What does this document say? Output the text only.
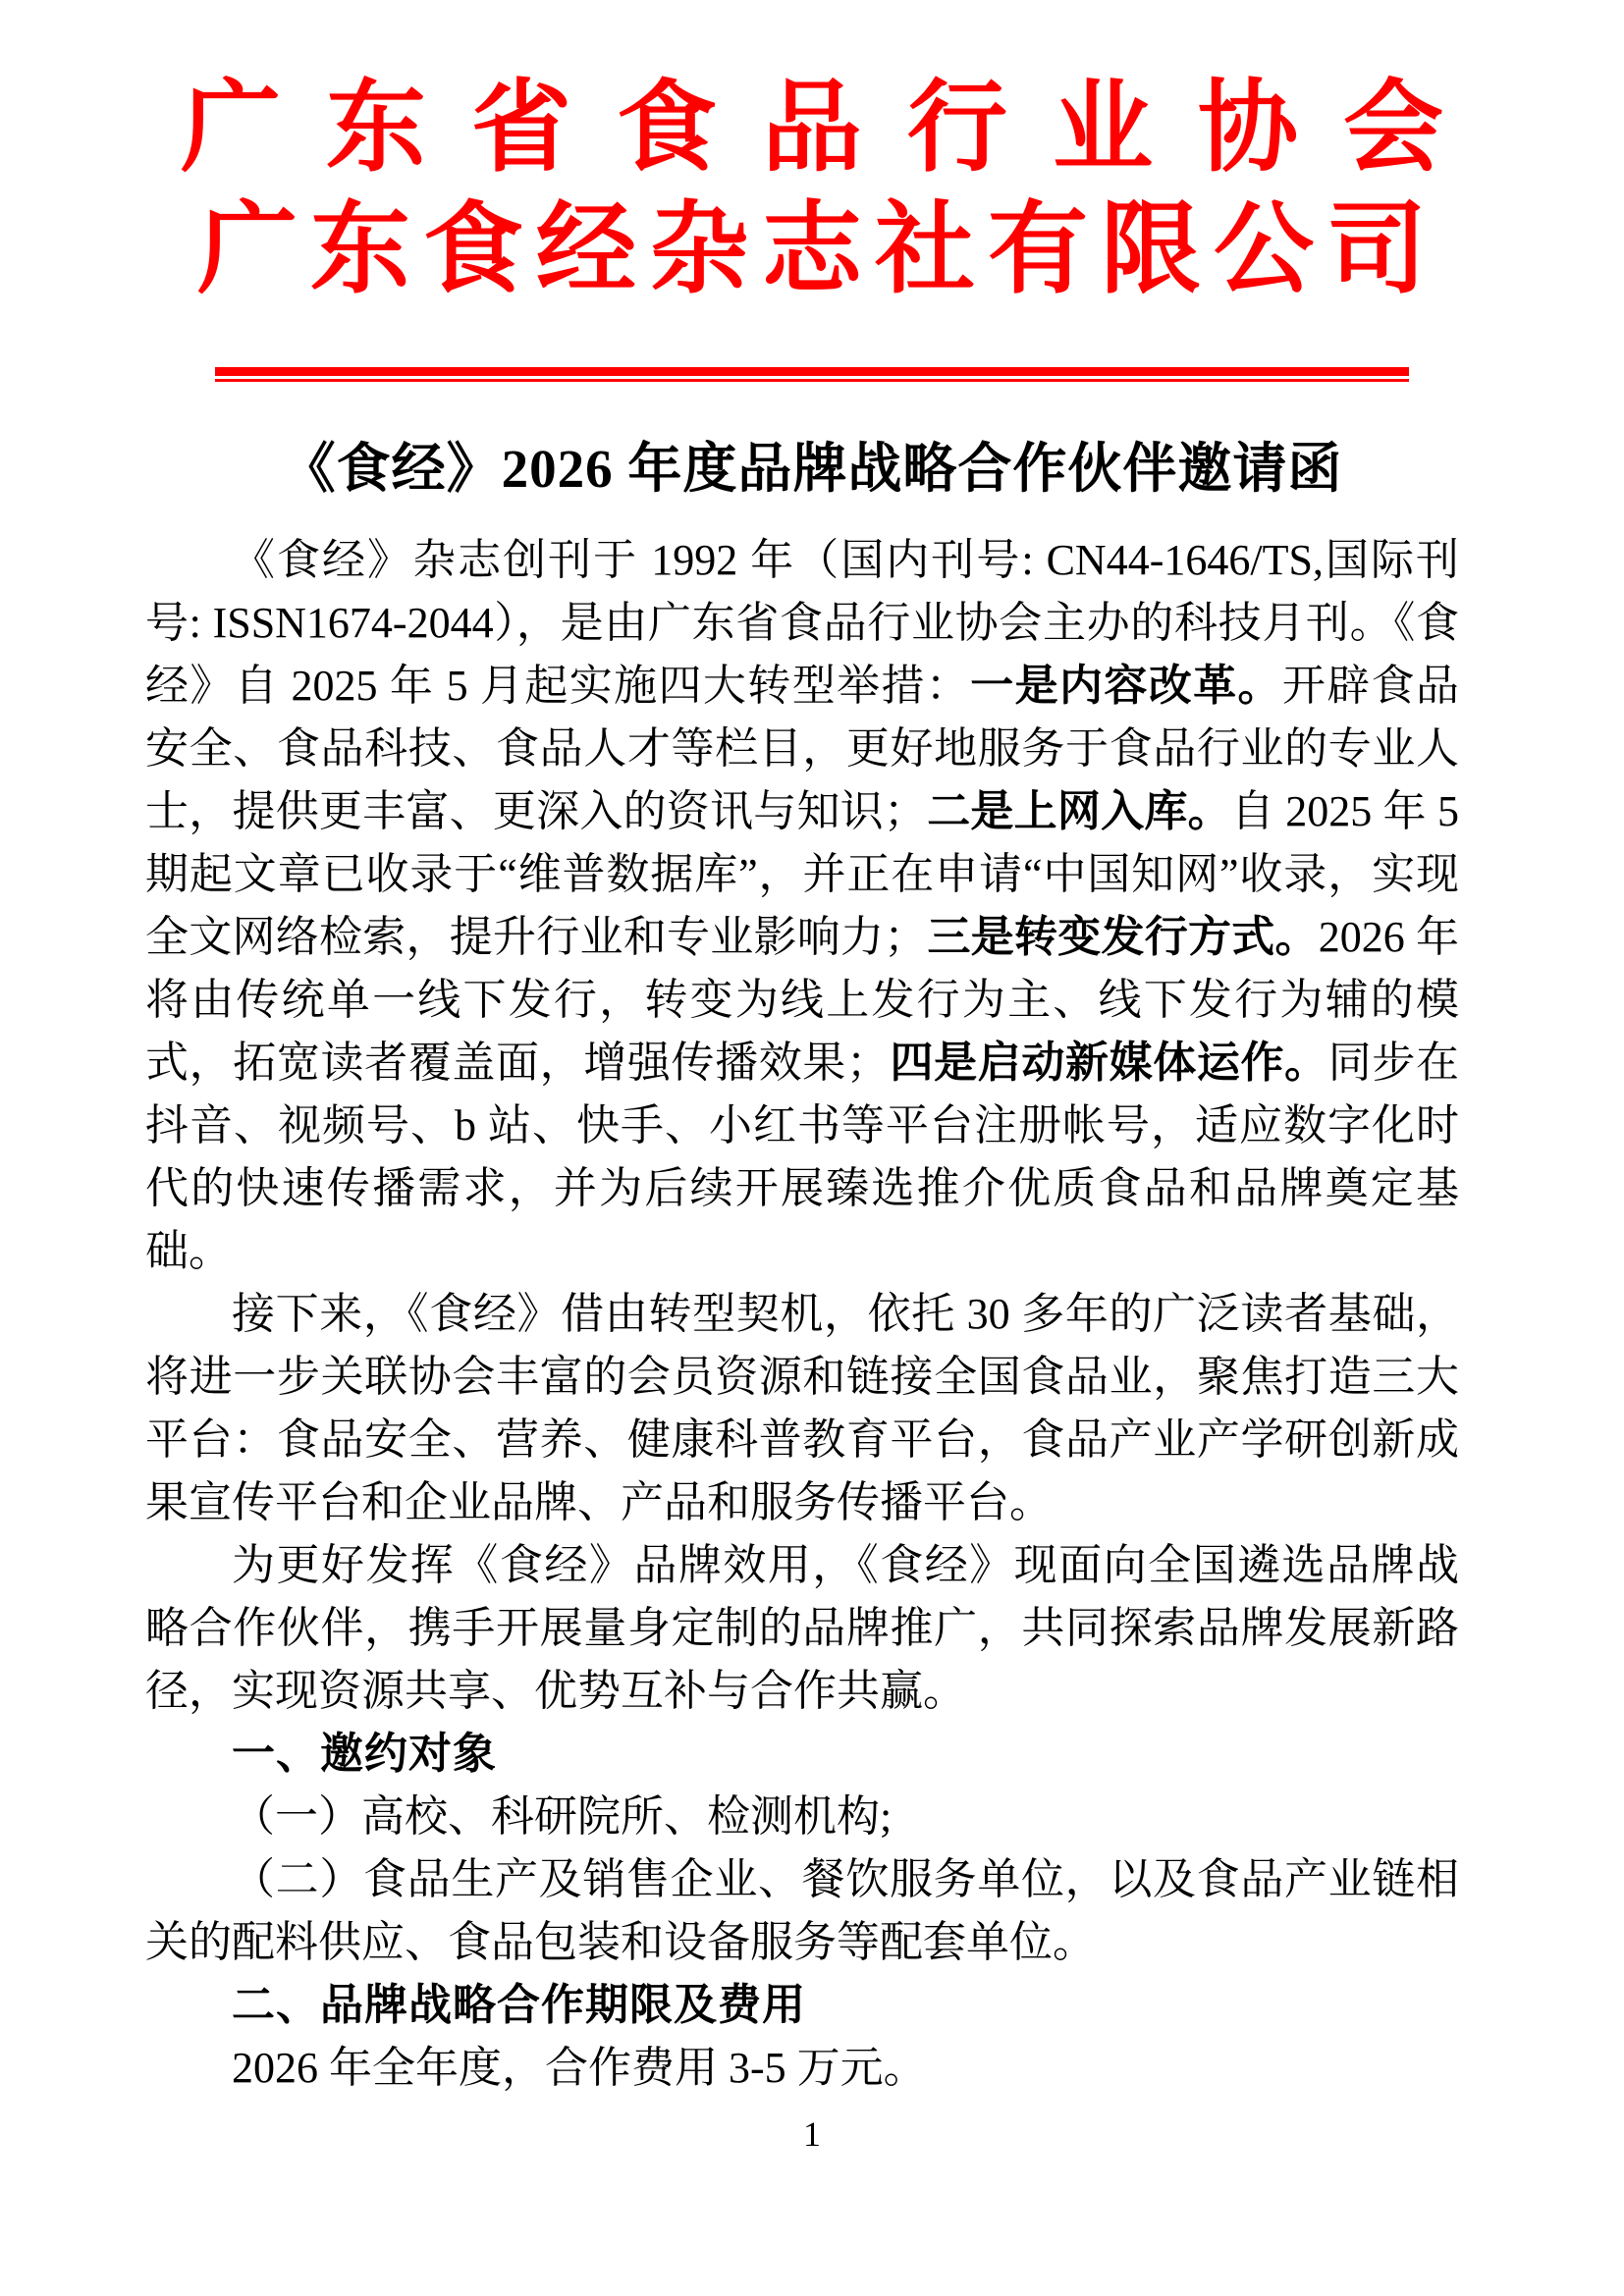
广东省食品行业协会
广东食经杂志社有限公司
《食经》2026 年度品牌战略合作伙伴邀请函
《食经》杂志创刊于 1992 年（国内刊号: CN44-1646/TS,国际刊号: ISSN1674-2044），是由广东省食品行业协会主办的科技月刊。《食经》自 2025 年 5 月起实施四大转型举措：一是内容改革。开辟食品安全、食品科技、食品人才等栏目，更好地服务于食品行业的专业人士，提供更丰富、更深入的资讯与知识；二是上网入库。自 2025 年 5 期起文章已收录于“维普数据库”，并正在申请“中国知网”收录，实现全文网络检索，提升行业和专业影响力；三是转变发行方式。2026 年将由传统单一线下发行，转变为线上发行为主、线下发行为辅的模式，拓宽读者覆盖面，增强传播效果；四是启动新媒体运作。同步在抖音、视频号、b 站、快手、小红书等平台注册帐号，适应数字化时代的快速传播需求，并为后续开展臻选推介优质食品和品牌奠定基础。
接下来，《食经》借由转型契机，依托 30 多年的广泛读者基础，将进一步关联协会丰富的会员资源和链接全国食品业，聚焦打造三大平台：食品安全、营养、健康科普教育平台，食品产业产学研创新成果宣传平台和企业品牌、产品和服务传播平台。
为更好发挥《食经》品牌效用，《食经》现面向全国遴选品牌战略合作伙伴，携手开展量身定制的品牌推广，共同探索品牌发展新路径，实现资源共享、优势互补与合作共赢。
一、邀约对象
（一）高校、科研院所、检测机构;
（二）食品生产及销售企业、餐饮服务单位，以及食品产业链相关的配料供应、食品包装和设备服务等配套单位。
二、品牌战略合作期限及费用
2026 年全年度，合作费用 3-5 万元。
1
